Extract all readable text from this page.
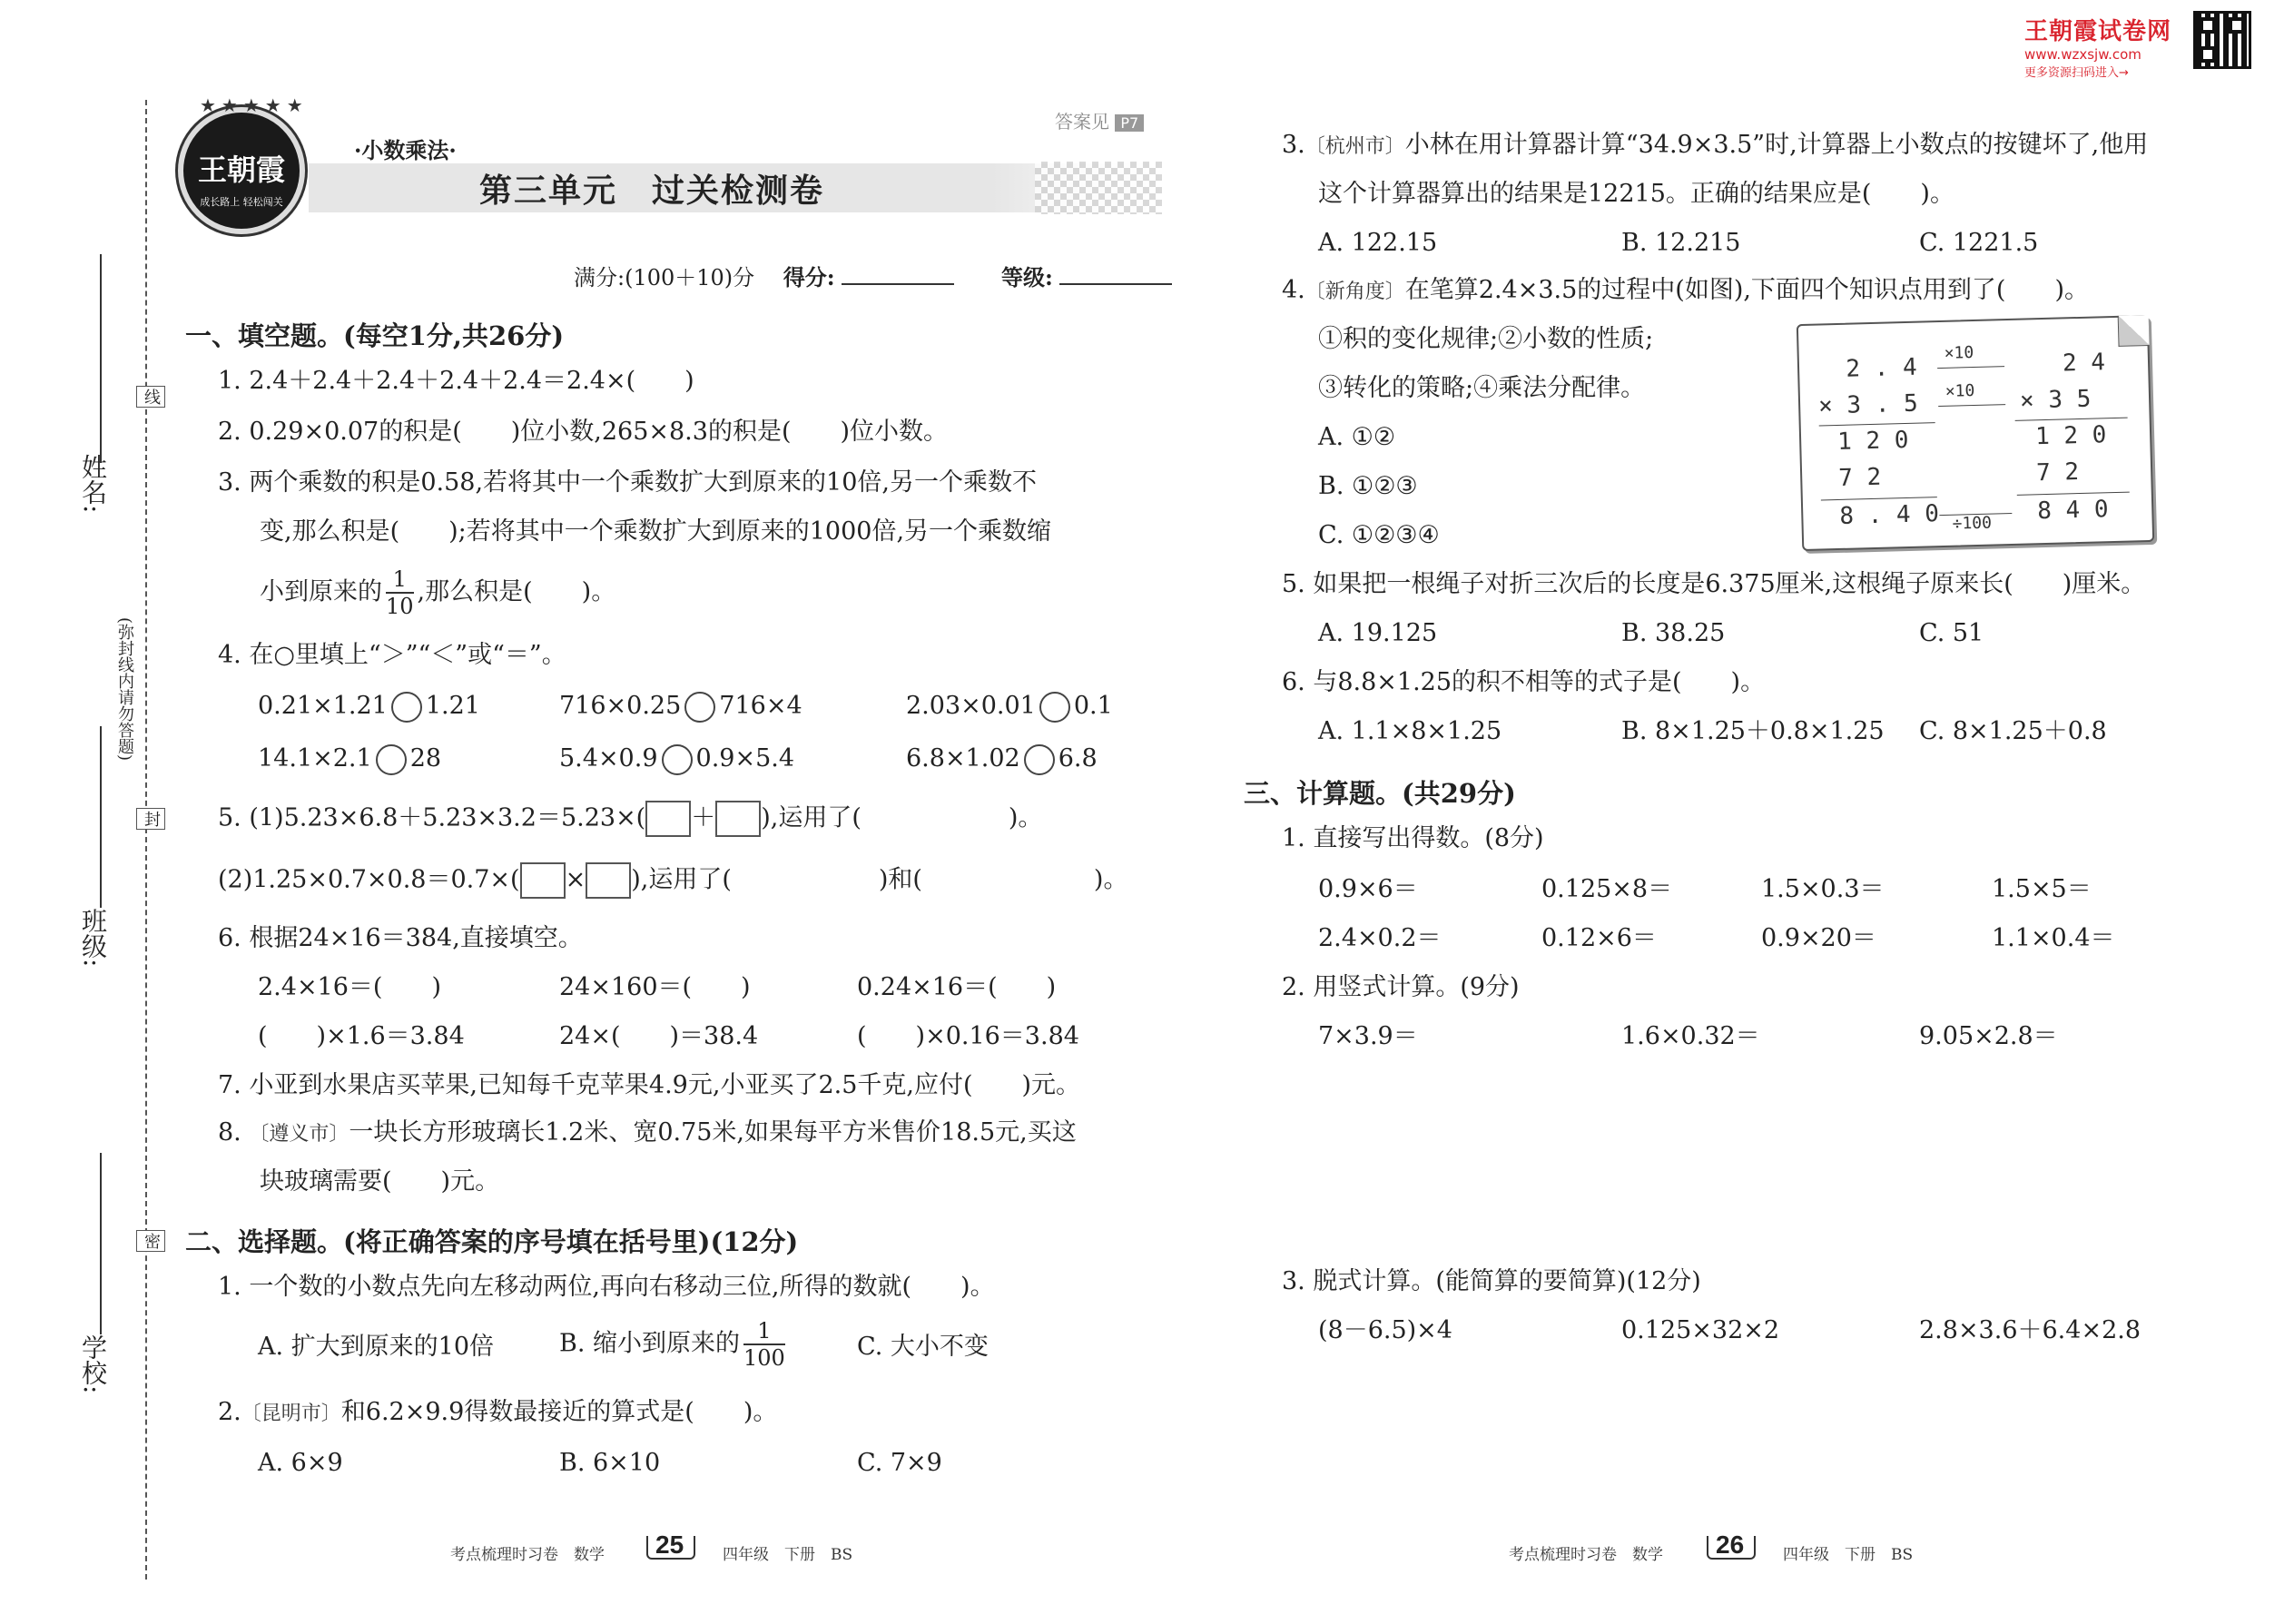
王朝霞试卷网
www.wzxsjw.com
更多资源扫码进入→
姓名:
班级:
学校:
(弥封线内请勿答题)
线
封
密
王朝霞
成长路上 轻松闯关
★★★★★
·小数乘法·
第三单元　过关检测卷
答案见 P7
满分:(100＋10)分 得分:	等级:
一、填空题。(每空1分,共26分)
1. 2.4＋2.4＋2.4＋2.4＋2.4＝2.4×(　　)
2. 0.29×0.07的积是(　　)位小数,265×8.3的积是(　　)位小数。
3. 两个乘数的积是0.58,若将其中一个乘数扩大到原来的10倍,另一个乘数不
变,那么积是(　　);若将其中一个乘数扩大到原来的1000倍,另一个乘数缩
小到原来的 $\frac{1}{10}$ ,那么积是(　　)。
4. 在○里填上“＞”“＜”或“＝”。
0.21×1.21 1.21	716×0.25 716×4	2.03×0.01 0.1
14.1×2.1 28	5.4×0.9 0.9×5.4	6.8×1.02 6.8
5. (1)5.23×6.8＋5.23×3.2＝5.23×( ＋ ),运用了(　　　　　　)。
(2)1.25×0.7×0.8＝0.7×( × ),运用了(　　　　　　)和(　　　　　　　)。
6. 根据24×16＝384,直接填空。
2.4×16＝(　　)	24×160＝(　　)	0.24×16＝(　　)
(　　)×1.6＝3.84	24×(　　)＝38.4	(　　)×0.16＝3.84
7. 小亚到水果店买苹果,已知每千克苹果4.9元,小亚买了2.5千克,应付(　　)元。
8. 〔遵义市〕一块长方形玻璃长1.2米、宽0.75米,如果每平方米售价18.5元,买这
块玻璃需要(　　)元。
二、选择题。(将正确答案的序号填在括号里)(12分)
1. 一个数的小数点先向左移动两位,再向右移动三位,所得的数就(　　)。
A. 扩大到原来的10倍	B. 缩小到原来的 $\frac{1}{100}$	C. 大小不变
2.〔昆明市〕和6.2×9.9得数最接近的算式是(　　)。
A. 6×9	B. 6×10	C. 7×9
考点梳理时习卷　数学 25	四年级　下册　BS
3.〔杭州市〕小林在用计算器计算“34.9×3.5”时,计算器上小数点的按键坏了,他用
这个计算器算出的结果是12215。正确的结果应是(　　)。
A. 122.15	B. 12.215	C. 1221.5
4.〔新角度〕在笔算2.4×3.5的过程中(如图),下面四个知识点用到了(　　)。
①积的变化规律;②小数的性质;
③转化的策略;④乘法分配律。
A. ①②
B. ①②③
C. ①②③④
2 . 4
× 3 . 5
1 2 0
7 2
8 . 4 0
×10
×10
÷100
2 4
× 3 5
1 2 0
7 2
8 4 0
5. 如果把一根绳子对折三次后的长度是6.375厘米,这根绳子原来长(　　)厘米。
A. 19.125	B. 38.25	C. 51
6. 与8.8×1.25的积不相等的式子是(　　)。
A. 1.1×8×1.25	B. 8×1.25＋0.8×1.25 C. 8×1.25＋0.8
三、计算题。(共29分)
1. 直接写出得数。(8分)
0.9×6＝	0.125×8＝	1.5×0.3＝	1.5×5＝
2.4×0.2＝	0.12×6＝	0.9×20＝	1.1×0.4＝
2. 用竖式计算。(9分)
7×3.9＝	1.6×0.32＝	9.05×2.8＝
3. 脱式计算。(能简算的要简算)(12分)
(8－6.5)×4	0.125×32×2	2.8×3.6＋6.4×2.8
考点梳理时习卷　数学 26	四年级　下册　BS
